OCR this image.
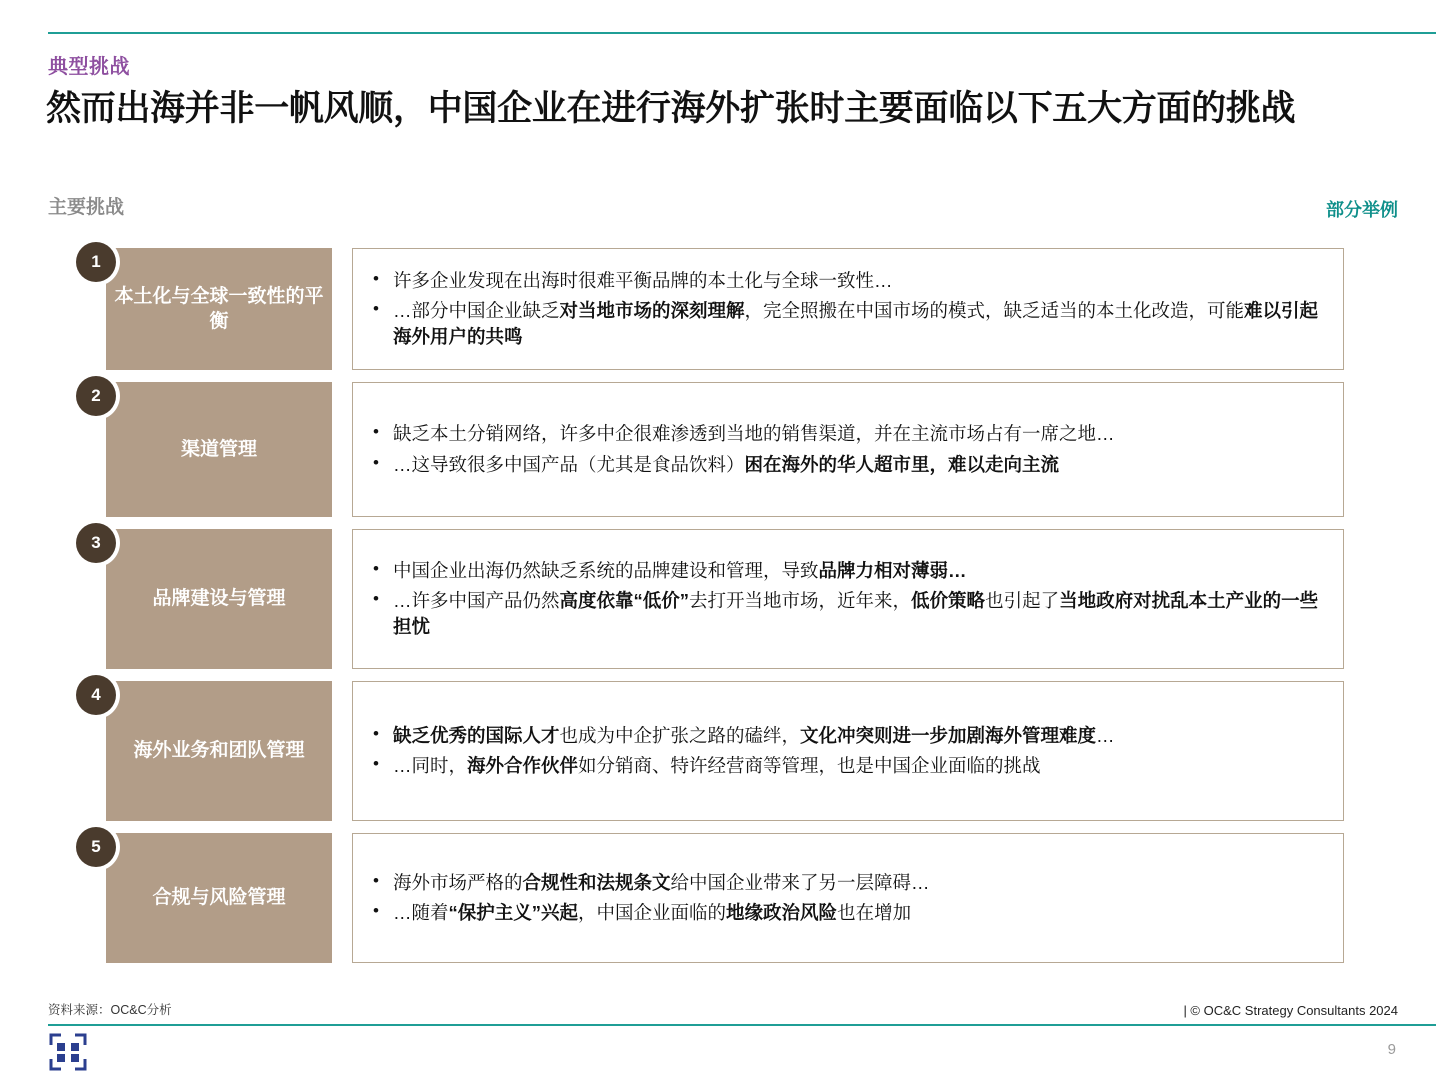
典型挑战
然而出海并非一帆风顺，中国企业在进行海外扩张时主要面临以下五大方面的挑战
主要挑战	部分举例
1
本土化与全球一致性的平衡
• 许多企业发现在出海时很难平衡品牌的本土化与全球一致性…
• …部分中国企业缺乏对当地市场的深刻理解，完全照搬在中国市场的模式，缺乏适当的本土化改造，可能难以引起海外用户的共鸣
2
渠道管理
• 缺乏本土分销网络，许多中企很难渗透到当地的销售渠道，并在主流市场占有一席之地…
• …这导致很多中国产品（尤其是食品饮料）困在海外的华人超市里，难以走向主流
3
品牌建设与管理
• 中国企业出海仍然缺乏系统的品牌建设和管理，导致品牌力相对薄弱…
• …许多中国产品仍然高度依靠“低价”去打开当地市场，近年来，低价策略也引起了当地政府对扰乱本土产业的一些担忧
4
海外业务和团队管理
• 缺乏优秀的国际人才也成为中企扩张之路的磕绊，文化冲突则进一步加剧海外管理难度…
• …同时，海外合作伙伴如分销商、特许经营商等管理，也是中国企业面临的挑战
5
合规与风险管理
• 海外市场严格的合规性和法规条文给中国企业带来了另一层障碍…
• …随着“保护主义”兴起，中国企业面临的地缘政治风险也在增加
资料来源：OC&C分析	| © OC&C Strategy Consultants 2024
9
